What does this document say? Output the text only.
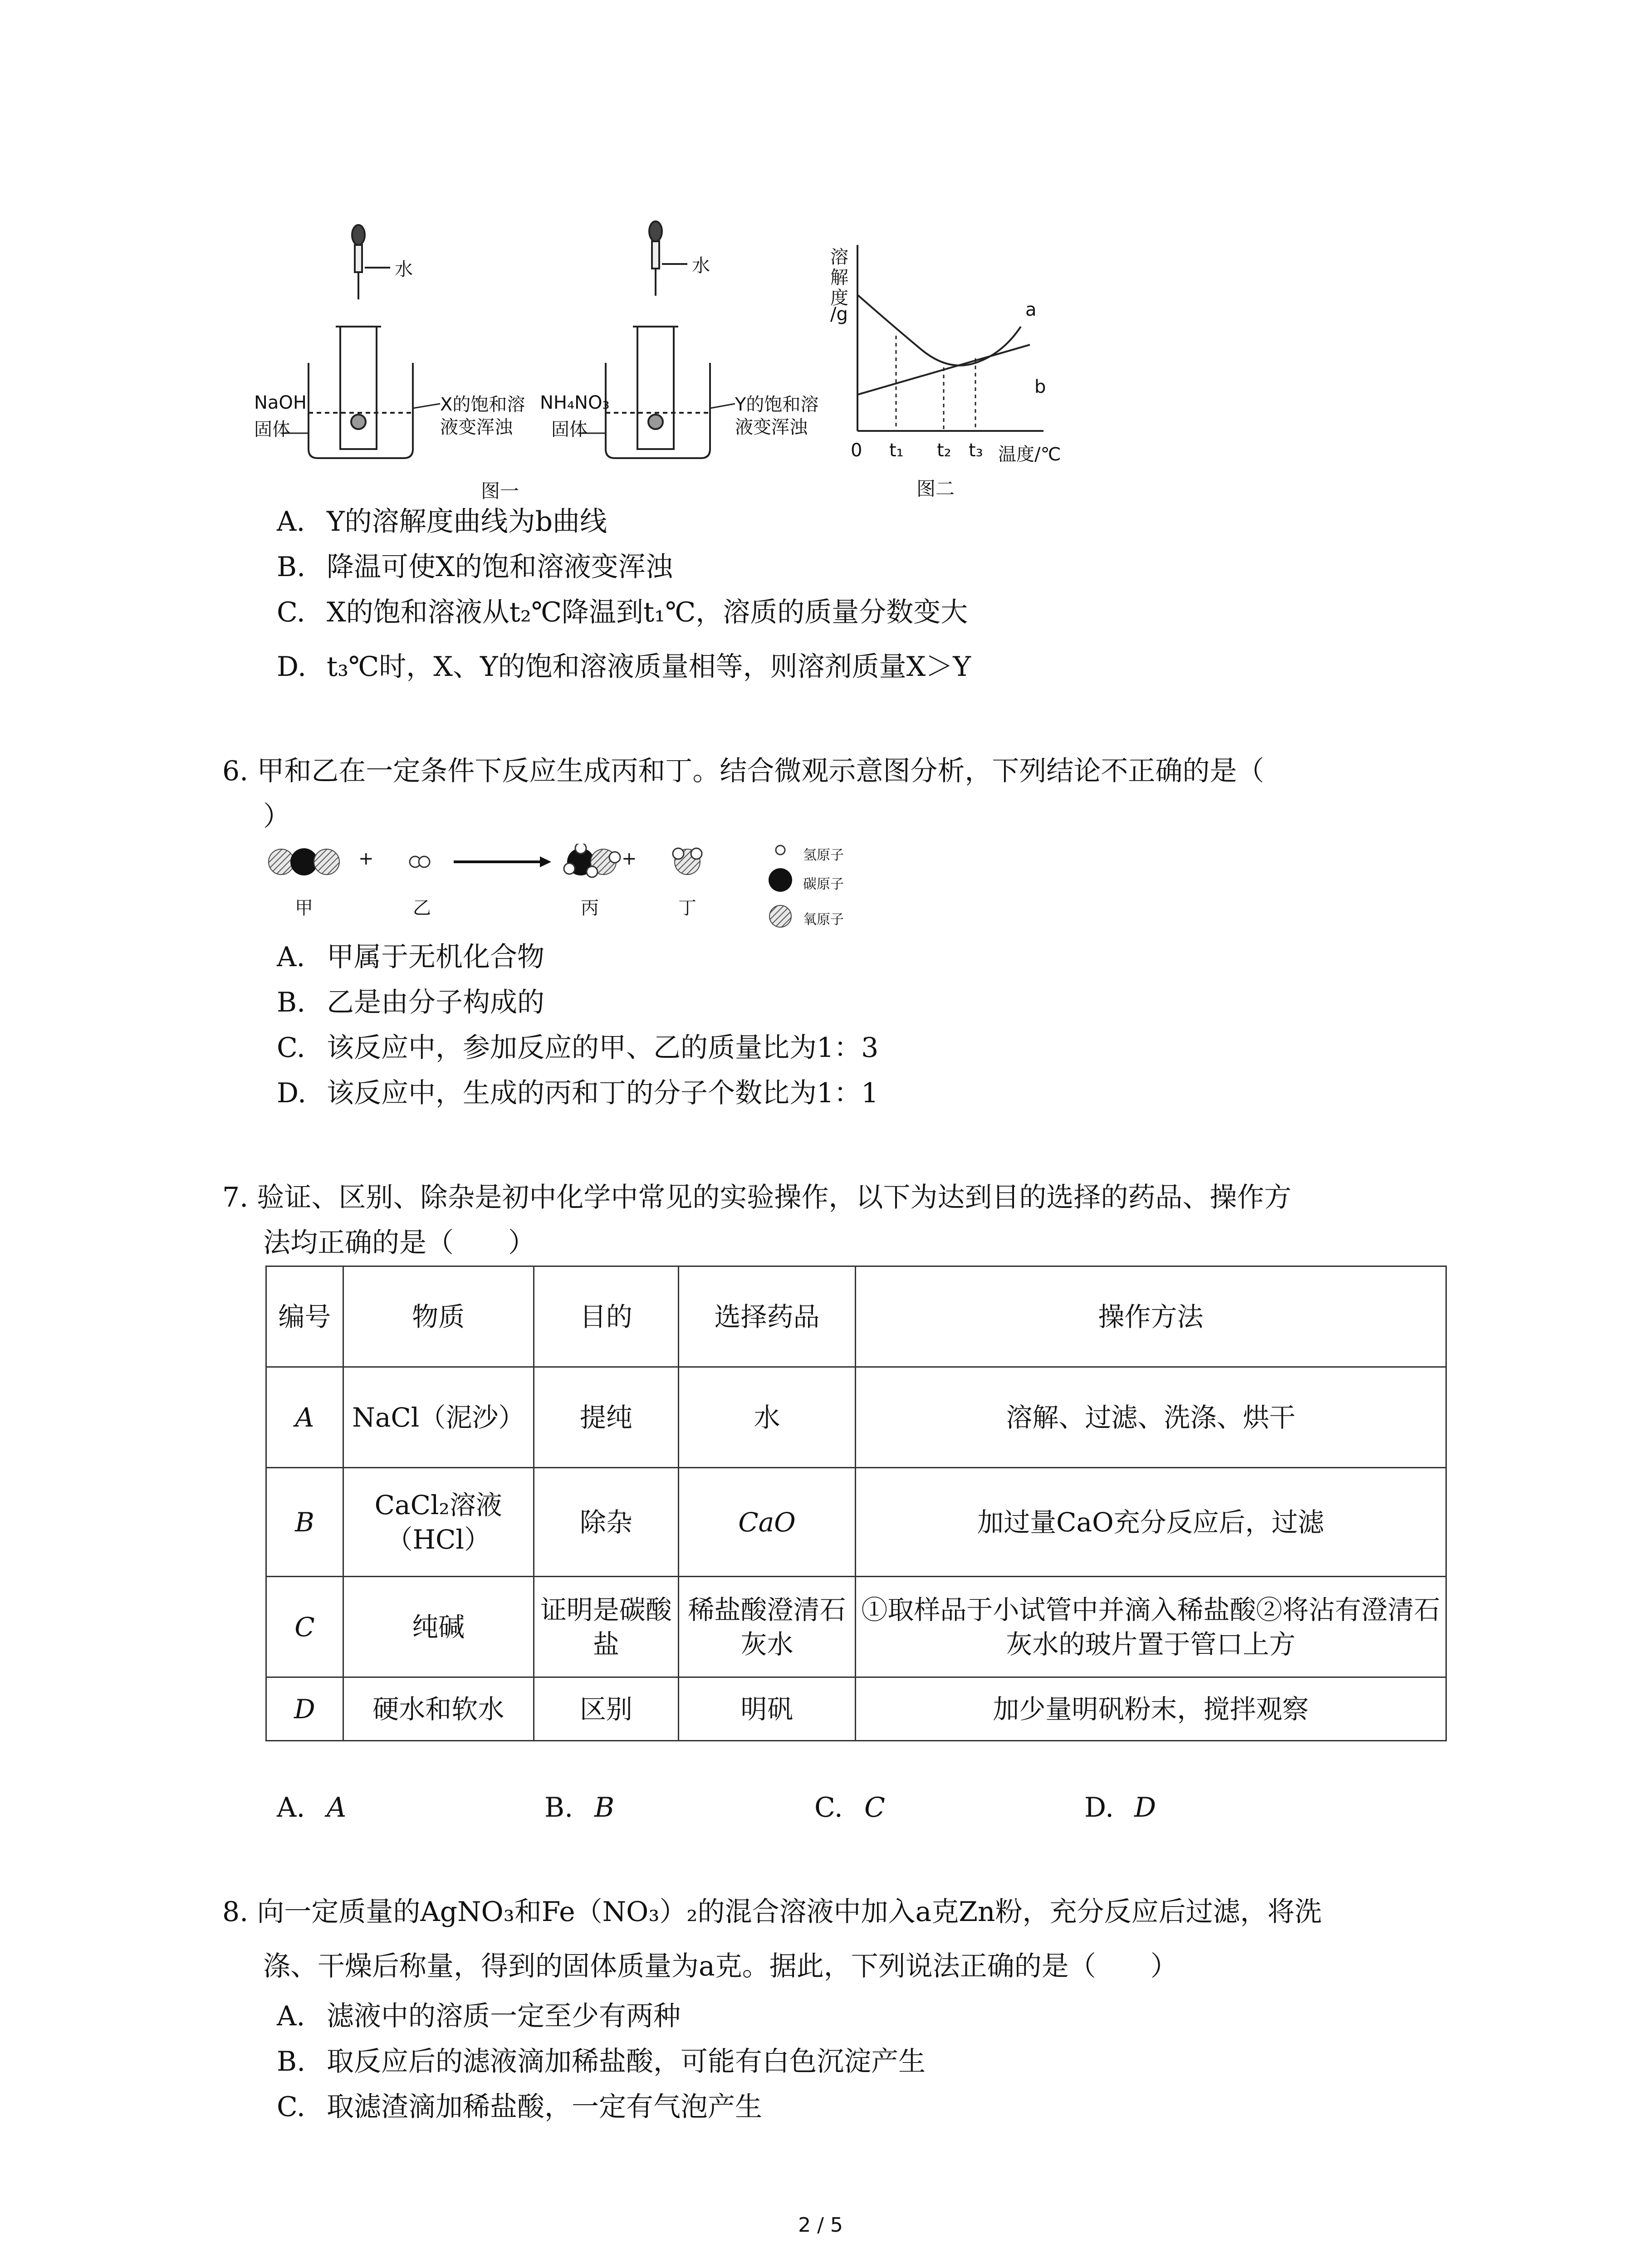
水	水
NaOH
固体
X的饱和溶
液变浑浊
NH₄NO₃
固体
Y的饱和溶
液变浑浊
图一
溶
解
度
/g	a
b
0 t₁ t₂ t₃ 温度/℃
图二
A. Y的溶解度曲线为b曲线
B. 降温可使X的饱和溶液变浑浊
C. X的饱和溶液从t₂℃降温到t₁℃，溶质的质量分数变大
D. t₃℃时，X、Y的饱和溶液质量相等，则溶剂质量X＞Y
6. 甲和乙在一定条件下反应生成丙和丁。结合微观示意图分析，下列结论不正确的是（
）
+	+
甲	乙	丙	丁
氢原子
碳原子
氧原子
A. 甲属于无机化合物
B. 乙是由分子构成的
C. 该反应中，参加反应的甲、乙的质量比为1：3
D. 该反应中，生成的丙和丁的分子个数比为1：1
7. 验证、区别、除杂是初中化学中常见的实验操作，以下为达到目的选择的药品、操作方
法均正确的是（　　）
编号	物质	目的	选择药品	操作方法
A	NaCl（泥沙）	提纯	水	溶解、过滤、洗涤、烘干
B	CaCl₂溶液（HCl）	除杂	CaO	加过量CaO充分反应后，过滤
C	纯碱	证明是碳酸盐	稀盐酸澄清石灰水	①取样品于小试管中并滴入稀盐酸②将沾有澄清石灰水的玻片置于管口上方
D	硬水和软水	区别	明矾	加少量明矾粉末，搅拌观察
A. A	B. B	C. C	D. D
8. 向一定质量的AgNO₃和Fe（NO₃）₂的混合溶液中加入a克Zn粉，充分反应后过滤，将洗
涤、干燥后称量，得到的固体质量为a克。据此，下列说法正确的是（　　）
A. 滤液中的溶质一定至少有两种
B. 取反应后的滤液滴加稀盐酸，可能有白色沉淀产生
C. 取滤渣滴加稀盐酸，一定有气泡产生
2 / 5
